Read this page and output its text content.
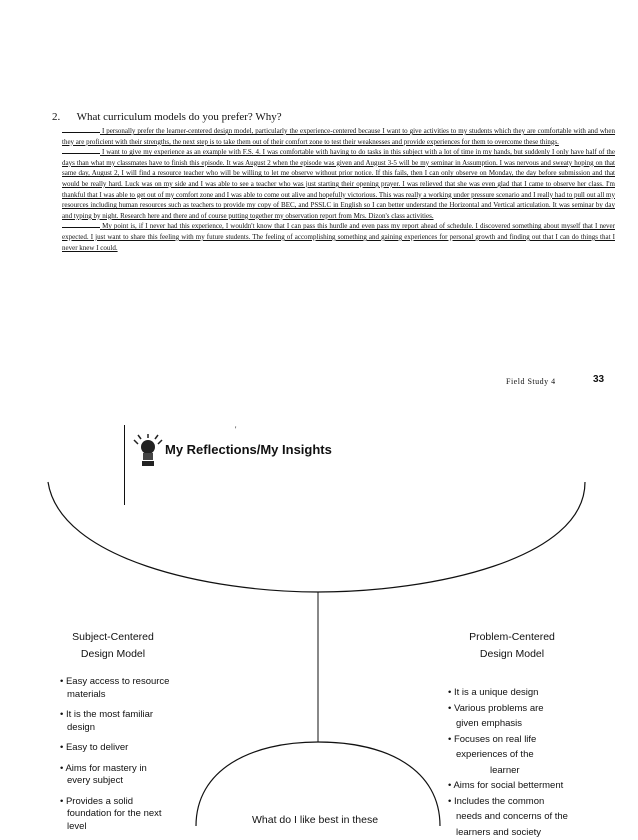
2. What curriculum models do you prefer? Why?

I personally prefer the learner-centered design model, particularly the experience-centered because I want to give activities to my students which they are comfortable with and when they are proficient with their strengths, the next step is to take them out of their comfort zone to test their weaknesses and provide experiences for them to overcome these things.

I want to give my experience as an example with F.S. 4. I was comfortable with having to do tasks in this subject with a lot of time in my hands, but suddenly I only have half of the days than what my classmates have to finish this episode. It was August 2 when the episode was given and August 3-5 will be my seminar in Assumption. I was nervous and sweaty hoping on that same day, August 2, I will find a resource teacher who will be willing to let me observe without prior notice. If this fails, then I can only observe on Monday, the day before submission and that would be really hard. Luck was on my side and I was able to see a teacher who was just starting their opening prayer. I was relieved that she was even glad that I came to observe her class. I'm thankful that I was able to get out of my comfort zone and I was able to come out alive and hopefully victorious. This was really a working under pressure scenario and I really had to pull out all my resources including human resources such as teachers to provide my copy of BEC, and PSSLC in English so I can better understand the Horizontal and Vertical articulation. It was seminar by day and typing by night. Research here and there and of course putting together my observation report from Mrs. Dizon's class activities.

My point is, if I never had this experience, I wouldn't know that I can pass this hurdle and even pass my report ahead of schedule. I discovered something about myself that I never expected. I just want to share this feeling with my future students. The feeling of accomplishing something and gaining experiences for personal growth and finding out that I can do things that I never knew I could.

Field Study 4	33
'
My Reflections/My Insights
Subject-Centered
Design Model
• Easy access to resource
materials
• It is the most familiar
design
• Easy to deliver
• Aims for mastery in
every subject
• Provides a solid
foundation for the next
level
Problem-Centered
Design Model
• It is a unique design
• Various problems are
given emphasis
• Focuses on real life
experiences of the
learner
• Aims for social betterment
• Includes the common
needs and concerns of the
learners and society
What do I like best in these
